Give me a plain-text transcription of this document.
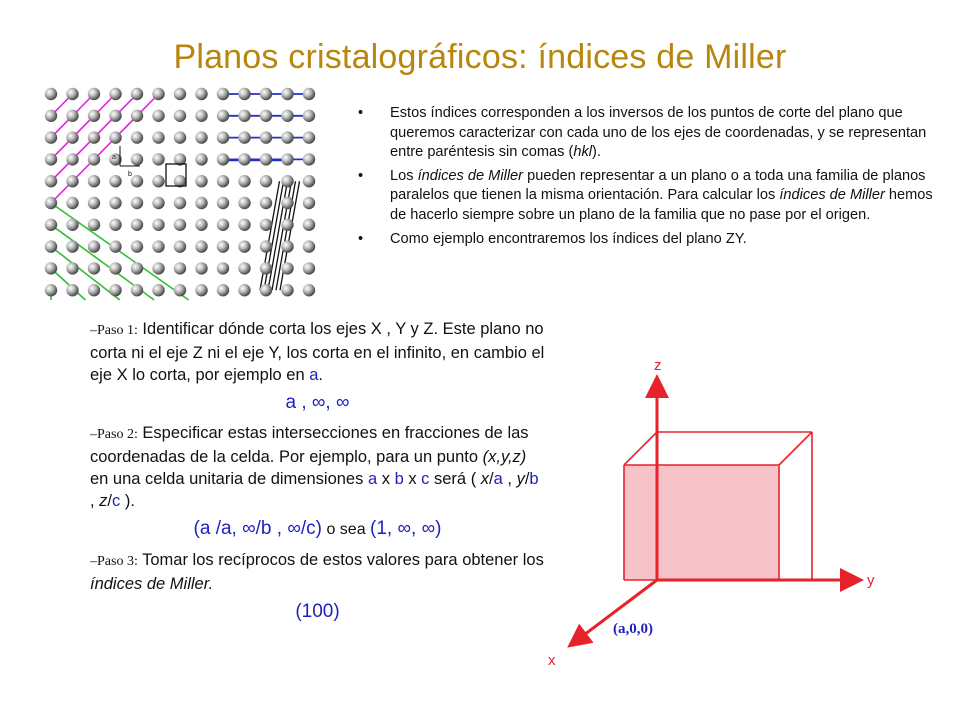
Planos cristalográficos: índices de Miller
a
b
• Estos índices corresponden a los inversos de los puntos de corte del plano que queremos caracterizar con cada uno de los ejes de coordenadas, y se representan entre paréntesis sin comas (hkl).
• Los índices de Miller pueden representar a un plano o a toda una familia de planos paralelos que tienen la misma orientación. Para calcular los índices de Miller hemos de hacerlo siempre sobre un plano de la familia que no pase por el origen.
• Como ejemplo encontraremos los índices del plano ZY.

–Paso 1: Identificar dónde corta los ejes X , Y y Z. Este plano no corta ni el eje Z ni el eje Y, los corta en el infinito, en cambio el eje X lo corta, por ejemplo en a.

a , ∞, ∞

–Paso 2: Especificar estas intersecciones en fracciones de las coordenadas de la celda. Por ejemplo, para un punto (x,y,z) en una celda unitaria de dimensiones a x b x c será ( x/a , y/b , z/c ).

(a /a, ∞/b , ∞/c) o sea (1, ∞, ∞)

–Paso 3: Tomar los recíprocos de estos valores para obtener los índices de Miller.

(100)
z
y
x
(a,0,0)
